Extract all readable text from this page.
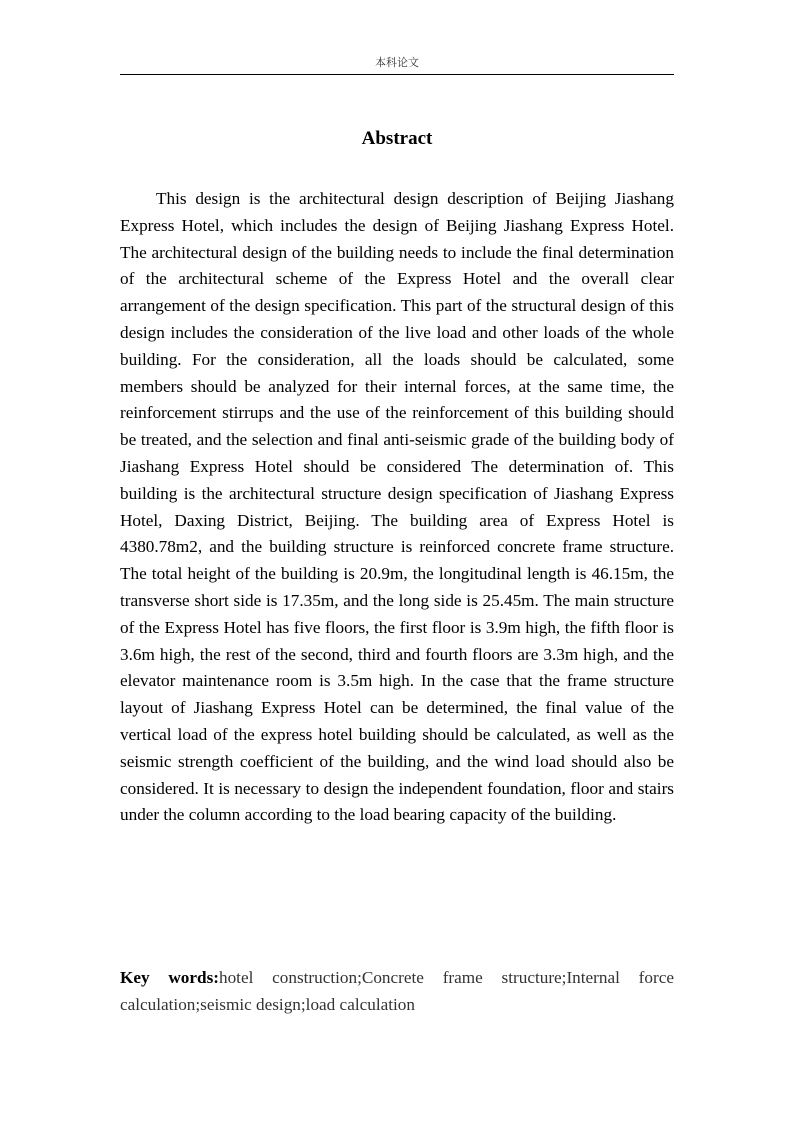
本科论文
Abstract

This design is the architectural design description of Beijing Jiashang Express Hotel, which includes the design of Beijing Jiashang Express Hotel. The architectural design of the building needs to include the final determination of the architectural scheme of the Express Hotel and the overall clear arrangement of the design specification. This part of the structural design of this design includes the consideration of the live load and other loads of the whole building. For the consideration, all the loads should be calculated, some members should be analyzed for their internal forces, at the same time, the reinforcement stirrups and the use of the reinforcement of this building should be treated, and the selection and final anti-seismic grade of the building body of Jiashang Express Hotel should be considered The determination of. This building is the architectural structure design specification of Jiashang Express Hotel, Daxing District, Beijing. The building area of Express Hotel is 4380.78m2, and the building structure is reinforced concrete frame structure. The total height of the building is 20.9m, the longitudinal length is 46.15m, the transverse short side is 17.35m, and the long side is 25.45m. The main structure of the Express Hotel has five floors, the first floor is 3.9m high, the fifth floor is 3.6m high, the rest of the second, third and fourth floors are 3.3m high, and the elevator maintenance room is 3.5m high. In the case that the frame structure layout of Jiashang Express Hotel can be determined, the final value of the vertical load of the express hotel building should be calculated, as well as the seismic strength coefficient of the building, and the wind load should also be considered. It is necessary to design the independent foundation, floor and stairs under the column according to the load bearing capacity of the building.

Key words:hotel construction;Concrete frame structure;Internal force calculation;seismic design;load calculation
